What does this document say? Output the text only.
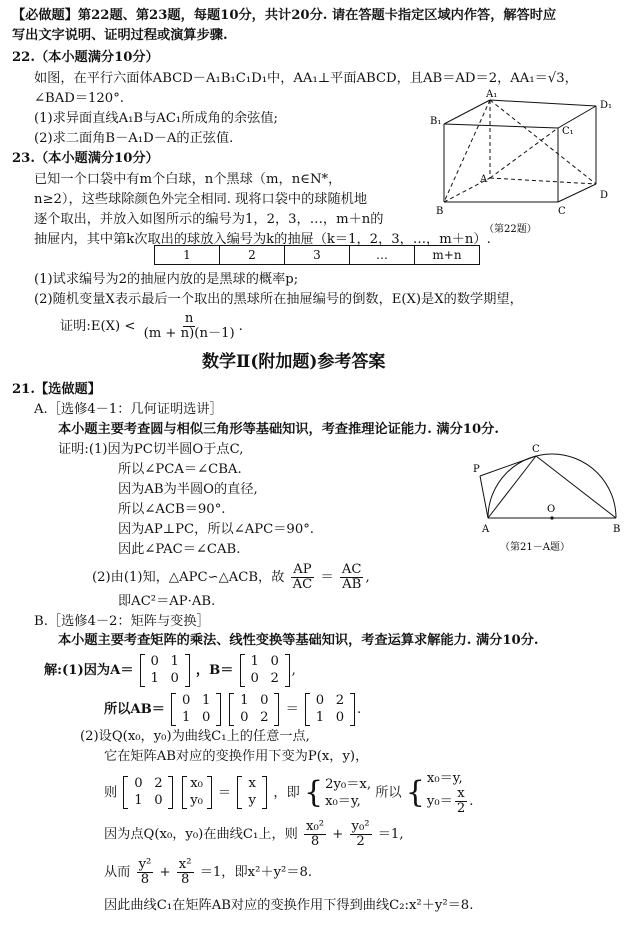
【必做题】第22题、第23题，每题10分，共计20分. 请在答题卡指定区域内作答，解答时应
写出文字说明、证明过程或演算步骤.
22.（本小题满分10分）
如图，在平行六面体ABCD－A₁B₁C₁D₁中，AA₁⊥平面ABCD，且AB＝AD＝2，AA₁＝√3，
∠BAD＝120°.
(1)求异面直线A₁B与AC₁所成角的余弦值;
(2)求二面角B－A₁D－A的正弦值.
A₁
D₁
B₁
C₁
A
D
B	C
（第22题）
23.（本小题满分10分）
已知一个口袋中有m个白球，n个黑球（m，n∈N*，
n≥2），这些球除颜色外完全相同. 现将口袋中的球随机地
逐个取出，并放入如图所示的编号为1，2，3，…，m＋n的
抽屉内，其中第k次取出的球放入编号为k的抽屉（k＝1，2，3，…，m＋n）.
1	2	3	…	m+n
(1)试求编号为2的抽屉内放的是黑球的概率p;
(2)随机变量X表示最后一个取出的黑球所在抽屉编号的倒数，E(X)是X的数学期望，
证明:E(X) < $\frac{n}{(m + n)(n-1)}$ .
数学Ⅱ(附加题)参考答案
21.【选做题】
A.［选修4－1：几何证明选讲］
本小题主要考查圆与相似三角形等基础知识，考查推理论证能力. 满分10分.
证明:(1)因为PC切半圆O于点C,
所以∠PCA＝∠CBA.
因为AB为半圆O的直径,
所以∠ACB＝90°.
因为AP⊥PC，所以∠APC＝90°.
因此∠PAC＝∠CAB.
C
P
O
A	B
（第21－A题）
(2)由(1)知，△APC∽△ACB，故 $\frac{AP}{AC} = \frac{AC}{AB}$ ,
即AC²＝AP·AB.
B.［选修4－2：矩阵与变换］
本小题主要考查矩阵的乘法、线性变换等基础知识，考查运算求解能力. 满分10分.
解:(1)因为A＝
0 1
1 0	，B＝
1 0
0 2 ,
所以AB＝
0 1
1 0

1 0
0 2	＝
0 2
1 0 .
(2)设Q(x₀，y₀)为曲线C₁上的任意一点,
它在矩阵AB对应的变换作用下变为P(x，y)，
则
0 2
1 0

x₀
y₀ ＝
x
y	，即 { 2y₀＝x,
x₀＝y,
所以 { x₀＝y,
$y_0= \frac{x}{2}$ .
因为点Q(x₀，y₀)在曲线C₁上，则 $\frac{\text{x₀²}}{8} + \frac{\text{y₀²}}{2} =1$,
从而 $\frac{\text{y²}}{8} + \frac{\text{x²}}{8} =1$，即x²＋y²＝8.
因此曲线C₁在矩阵AB对应的变换作用下得到曲线C₂:x²＋y²＝8.
